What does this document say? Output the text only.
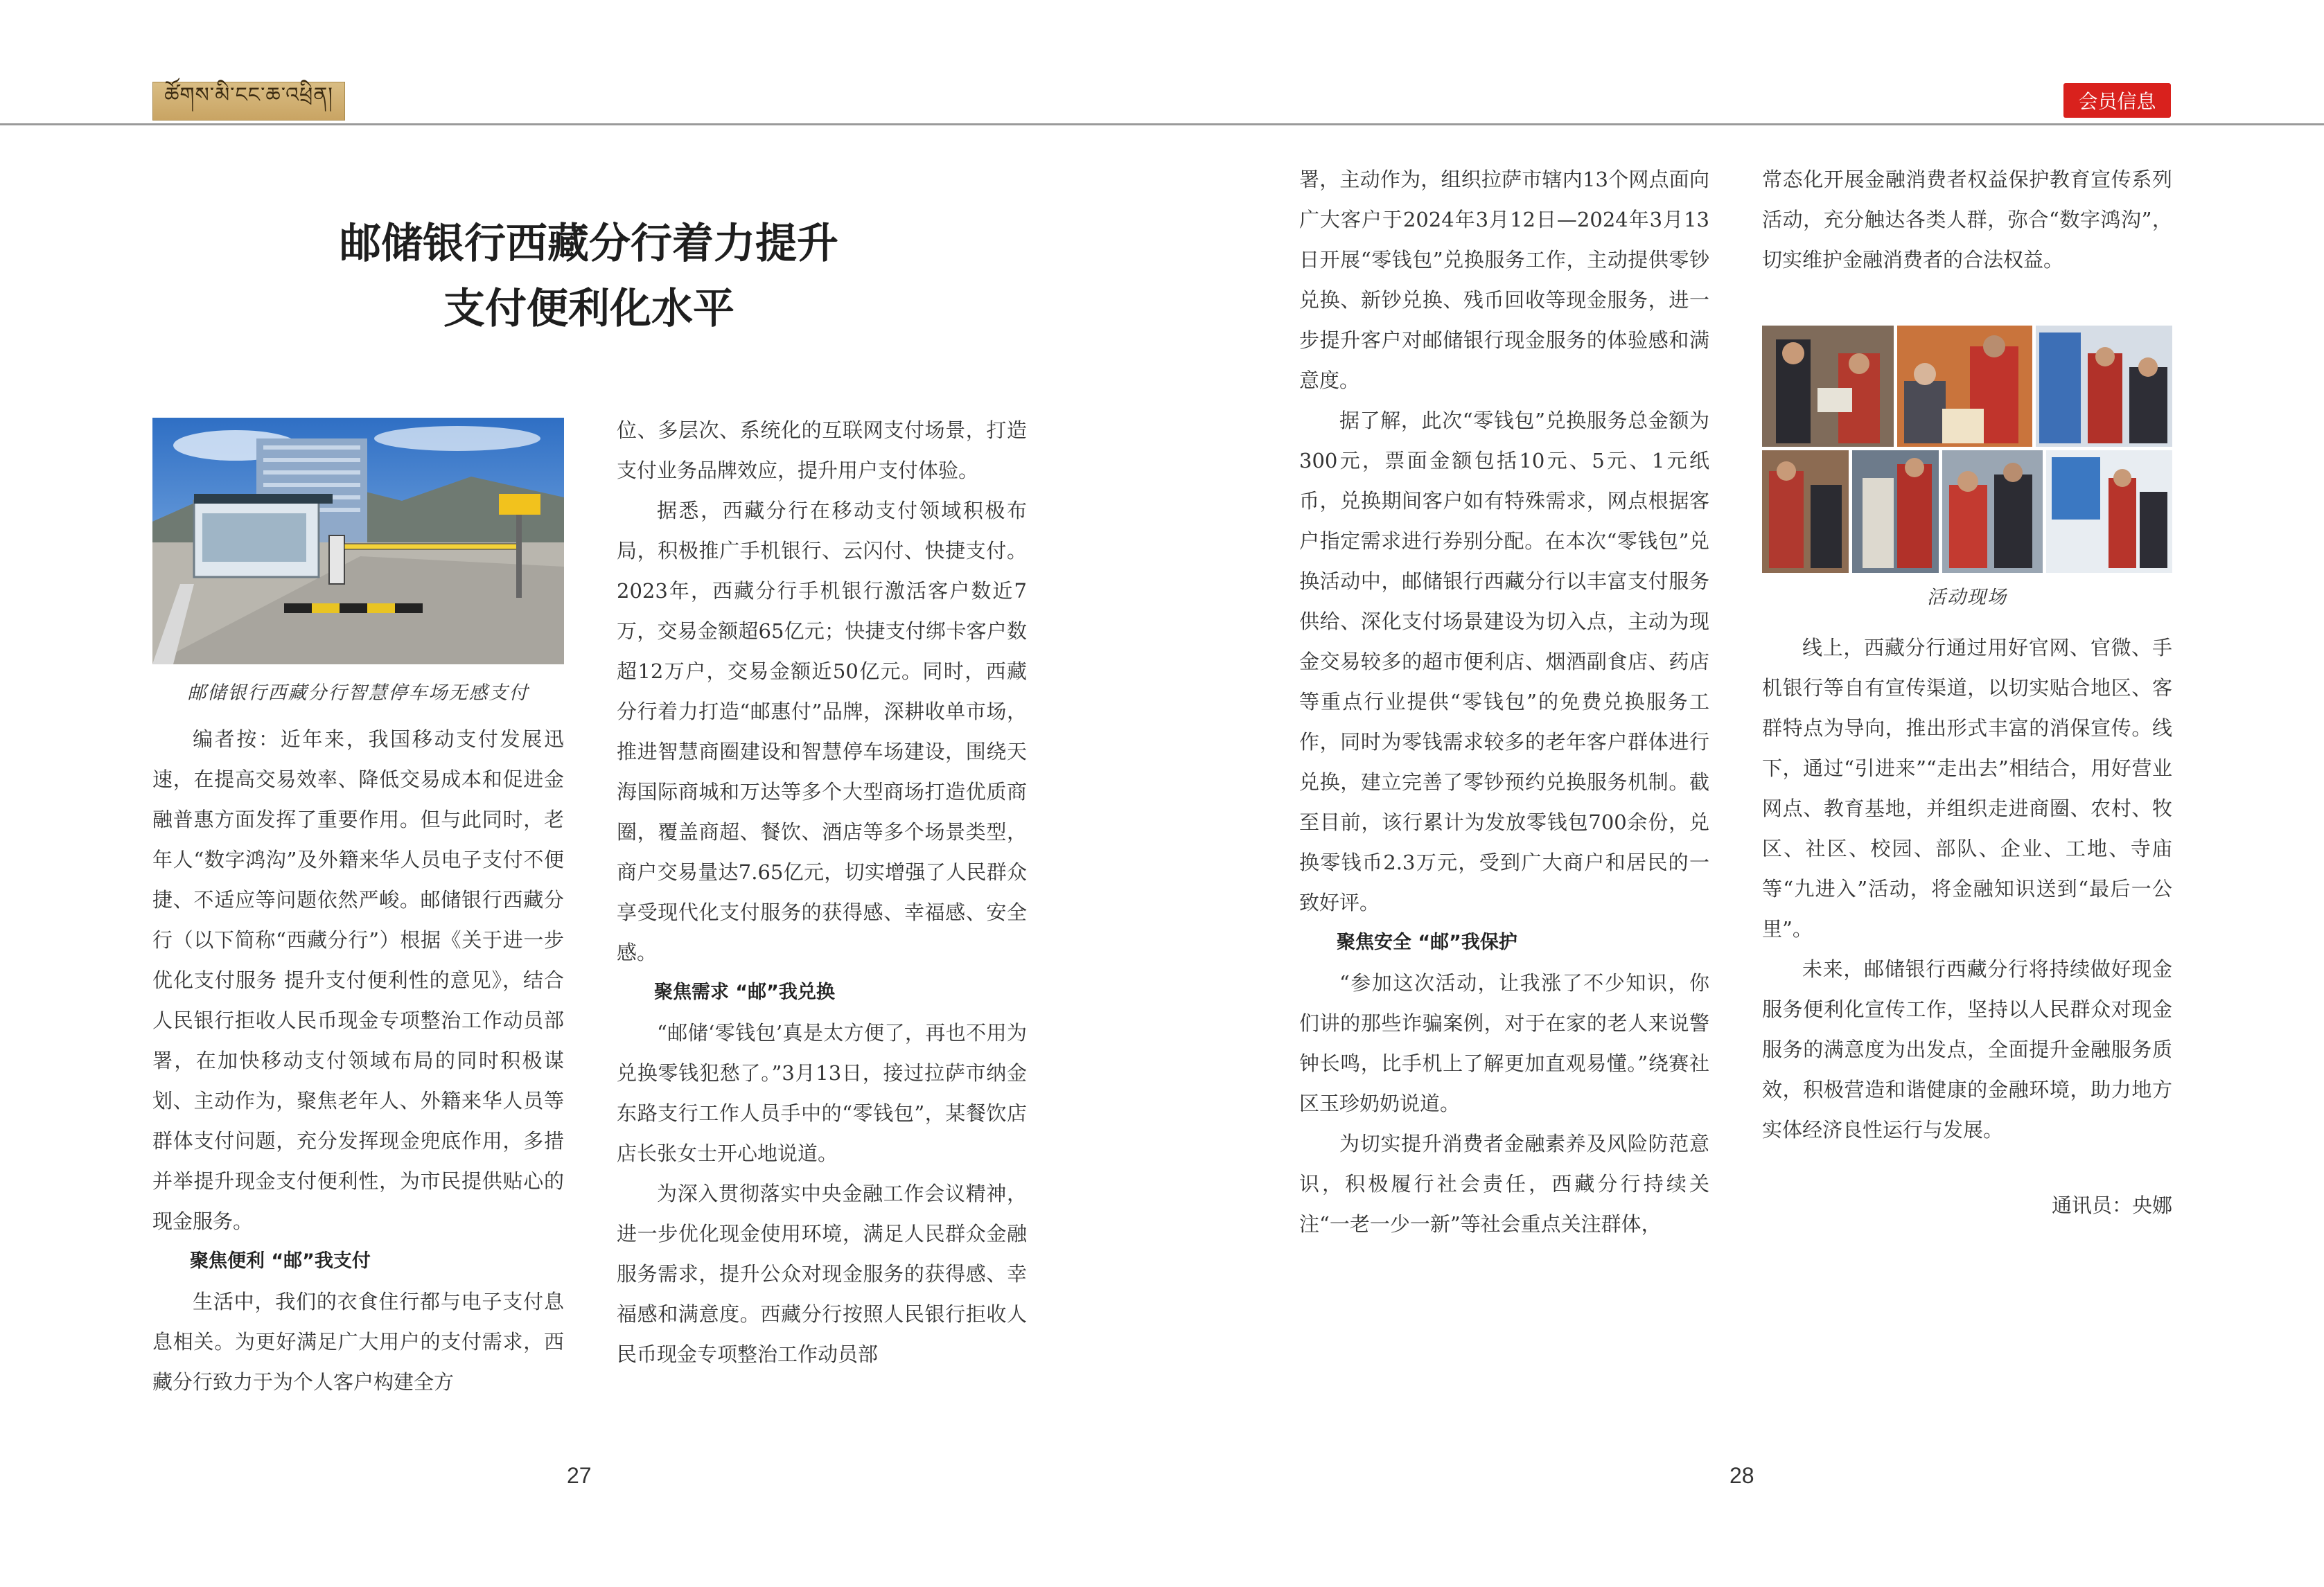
ཚོགས་མི་ངང་ཆ་འཕྲིན།	会员信息
邮储银行西藏分行着力提升
支付便利化水平
邮储银行西藏分行智慧停车场无感支付

编者按：近年来，我国移动支付发展迅速，在提高交易效率、降低交易成本和促进金融普惠方面发挥了重要作用。但与此同时，老年人“数字鸿沟”及外籍来华人员电子支付不便捷、不适应等问题依然严峻。邮储银行西藏分行（以下简称“西藏分行”）根据《关于进一步优化支付服务 提升支付便利性的意见》，结合人民银行拒收人民币现金专项整治工作动员部署，在加快移动支付领域布局的同时积极谋划、主动作为，聚焦老年人、外籍来华人员等群体支付问题，充分发挥现金兜底作用，多措并举提升现金支付便利性，为市民提供贴心的现金服务。

聚焦便利 “邮”我支付

生活中，我们的衣食住行都与电子支付息息相关。为更好满足广大用户的支付需求，西藏分行致力于为个人客户构建全方

位、多层次、系统化的互联网支付场景，打造支付业务品牌效应，提升用户支付体验。

据悉，西藏分行在移动支付领域积极布局，积极推广手机银行、云闪付、快捷支付。2023年，西藏分行手机银行激活客户数近7万，交易金额超65亿元；快捷支付绑卡客户数超12万户，交易金额近50亿元。同时，西藏分行着力打造“邮惠付”品牌，深耕收单市场，推进智慧商圈建设和智慧停车场建设，围绕天海国际商城和万达等多个大型商场打造优质商圈，覆盖商超、餐饮、酒店等多个场景类型，商户交易量达7.65亿元，切实增强了人民群众享受现代化支付服务的获得感、幸福感、安全感。

聚焦需求 “邮”我兑换

“邮储‘零钱包’真是太方便了，再也不用为兑换零钱犯愁了。”3月13日，接过拉萨市纳金东路支行工作人员手中的“零钱包”，某餐饮店店长张女士开心地说道。

为深入贯彻落实中央金融工作会议精神，进一步优化现金使用环境，满足人民群众金融服务需求，提升公众对现金服务的获得感、幸福感和满意度。西藏分行按照人民银行拒收人民币现金专项整治工作动员部

署，主动作为，组织拉萨市辖内13个网点面向广大客户于2024年3月12日—2024年3月13日开展“零钱包”兑换服务工作，主动提供零钞兑换、新钞兑换、残币回收等现金服务，进一步提升客户对邮储银行现金服务的体验感和满意度。

据了解，此次“零钱包”兑换服务总金额为300元，票面金额包括10元、5元、1元纸币，兑换期间客户如有特殊需求，网点根据客户指定需求进行券别分配。在本次“零钱包”兑换活动中，邮储银行西藏分行以丰富支付服务供给、深化支付场景建设为切入点，主动为现金交易较多的超市便利店、烟酒副食店、药店等重点行业提供“零钱包”的免费兑换服务工作，同时为零钱需求较多的老年客户群体进行兑换，建立完善了零钞预约兑换服务机制。截至目前，该行累计为发放零钱包700余份，兑换零钱币2.3万元，受到广大商户和居民的一致好评。

聚焦安全 “邮”我保护

“参加这次活动，让我涨了不少知识，你们讲的那些诈骗案例，对于在家的老人来说警钟长鸣，比手机上了解更加直观易懂。”绕赛社区玉珍奶奶说道。

为切实提升消费者金融素养及风险防范意识，积极履行社会责任，西藏分行持续关注“一老一少一新”等社会重点关注群体，

常态化开展金融消费者权益保护教育宣传系列活动，充分触达各类人群，弥合“数字鸿沟”，切实维护金融消费者的合法权益。

活动现场

线上，西藏分行通过用好官网、官微、手机银行等自有宣传渠道，以切实贴合地区、客群特点为导向，推出形式丰富的消保宣传。线下，通过“引进来”“走出去”相结合，用好营业网点、教育基地，并组织走进商圈、农村、牧区、社区、校园、部队、企业、工地、寺庙等“九进入”活动，将金融知识送到“最后一公里”。

未来，邮储银行西藏分行将持续做好现金服务便利化宣传工作，坚持以人民群众对现金服务的满意度为出发点，全面提升金融服务质效，积极营造和谐健康的金融环境，助力地方实体经济良性运行与发展。

通讯员：央娜
27	28
